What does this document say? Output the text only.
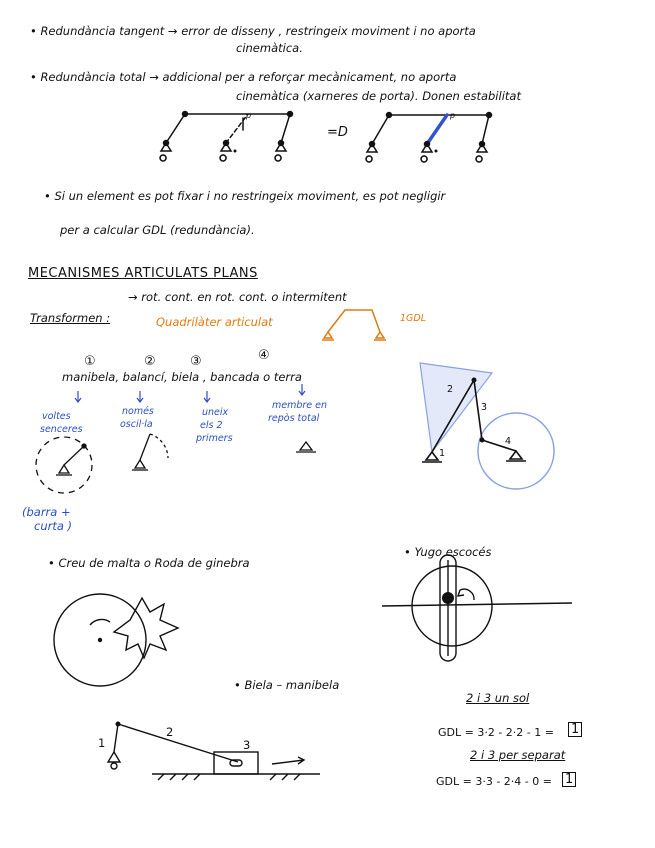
• Redundància tangent → error de disseny , restringeix moviment i no aporta
cinemàtica.
• Redundància total → addicional per a reforçar mecànicament, no aporta
cinemàtica (xarneres de porta). Donen estabilitat
p	p
=D
• Si un element es pot fixar i no restringeix moviment, es pot negligir
per a calcular GDL (redundància).
MECANISMES ARTICULATS PLANS
Transformen :
→ rot. cont. en rot. cont. o intermitent
Quadrilàter articulat	1GDL
①	②	③	④
manibela, balancí, biela , bancada o terra
voltes
senceres
només
oscil·la
uneix
els 2
primers
membre en
repòs total
(barra +
curta )
2
3
1
4
• Creu de malta o Roda de ginebra
• Yugo escocés
• Biela – manibela
1
2
3
2 i 3 un sol
GDL = 3·2 - 2·2 - 1 = 1
2 i 3 per separat
GDL = 3·3 - 2·4 - 0 = 1
